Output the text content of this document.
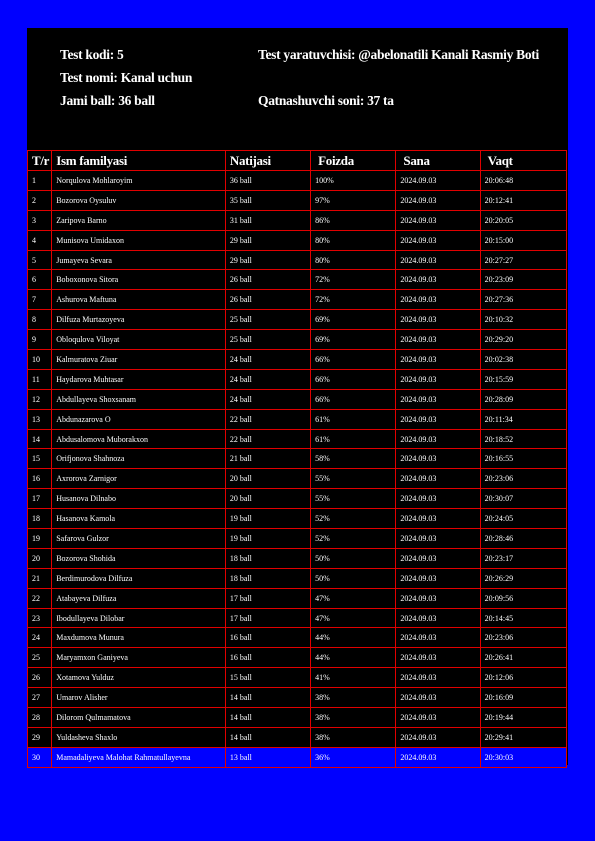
Test kodi: 5
Test nomi: Kanal uchun
Jami ball: 36 ball
Test yaratuvchisi: @abelonatili Kanali Rasmiy Boti
Qatnashuvchi soni: 37 ta
T/r	Ism familyasi	Natijasi	Foizda	Sana	Vaqt
1	Norqulova Mohlaroyim	36 ball	100%	2024.09.03	20:06:48
2	Bozorova Oysuluv	35 ball	97%	2024.09.03	20:12:41
3	Zaripova Barno	31 ball	86%	2024.09.03	20:20:05
4	Munisova Umidaxon	29 ball	80%	2024.09.03	20:15:00
5	Jumayeva Sevara	29 ball	80%	2024.09.03	20:27:27
6	Boboxonova Sitora	26 ball	72%	2024.09.03	20:23:09
7	Ashurova Maftuna	26 ball	72%	2024.09.03	20:27:36
8	Dilfuza Murtazoyeva	25 ball	69%	2024.09.03	20:10:32
9	Obloqulova Viloyat	25 ball	69%	2024.09.03	20:29:20
10	Kalmuratova Ziuar	24 ball	66%	2024.09.03	20:02:38
11	Haydarova Muhtasar	24 ball	66%	2024.09.03	20:15:59
12	Abdullayeva Shoxsanam	24 ball	66%	2024.09.03	20:28:09
13	Abdunazarova O	22 ball	61%	2024.09.03	20:11:34
14	Abdusalomova Muborakxon	22 ball	61%	2024.09.03	20:18:52
15	Orifjonova Shahnoza	21 ball	58%	2024.09.03	20:16:55
16	Axrorova Zarnigor	20 ball	55%	2024.09.03	20:23:06
17	Husanova Dilnabo	20 ball	55%	2024.09.03	20:30:07
18	Hasanova Kamola	19 ball	52%	2024.09.03	20:24:05
19	Safarova Gulzor	19 ball	52%	2024.09.03	20:28:46
20	Bozorova Shohida	18 ball	50%	2024.09.03	20:23:17
21	Berdimurodova Dilfuza	18 ball	50%	2024.09.03	20:26:29
22	Atabayeva Dilfuza	17 ball	47%	2024.09.03	20:09:56
23	Ibodullayeva Dilobar	17 ball	47%	2024.09.03	20:14:45
24	Maxdumova Munura	16 ball	44%	2024.09.03	20:23:06
25	Maryamxon Ganiyeva	16 ball	44%	2024.09.03	20:26:41
26	Xotamova Yulduz	15 ball	41%	2024.09.03	20:12:06
27	Umarov Alisher	14 ball	38%	2024.09.03	20:16:09
28	Dilorom Qulmamatova	14 ball	38%	2024.09.03	20:19:44
29	Yuldasheva Shaxlo	14 ball	38%	2024.09.03	20:29:41
30	Mamadaliyeva Malohat Rahmatullayevna	13 ball	36%	2024.09.03	20:30:03
